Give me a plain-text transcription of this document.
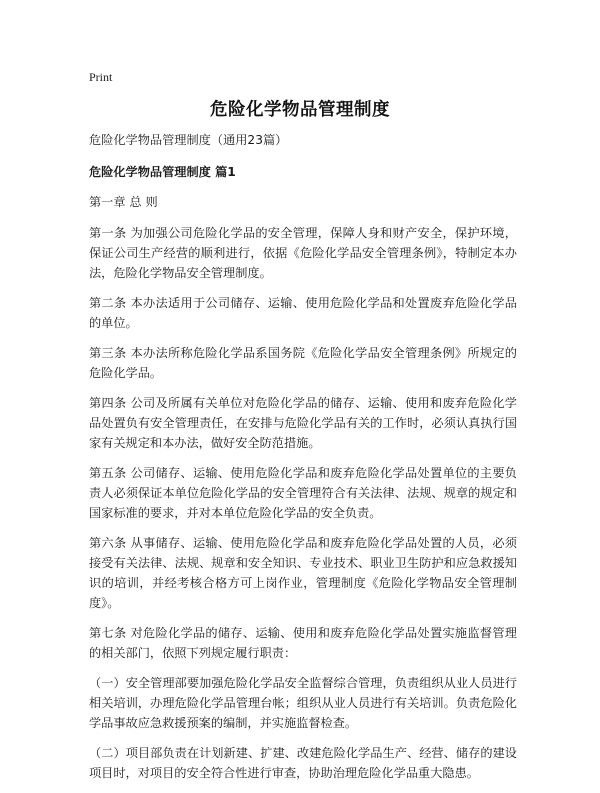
Print
危险化学物品管理制度

危险化学物品管理制度（通用23篇）

危险化学物品管理制度 篇1

第一章 总 则

第一条 为加强公司危险化学品的安全管理，保障人身和财产安全，保护环境，保证公司生产经营的顺利进行，依据《危险化学品安全管理条例》，特制定本办法，危险化学物品安全管理制度。

第二条 本办法适用于公司储存、运输、使用危险化学品和处置废弃危险化学品的单位。

第三条 本办法所称危险化学品系国务院《危险化学品安全管理条例》所规定的危险化学品。

第四条 公司及所属有关单位对危险化学品的储存、运输、使用和废弃危险化学品处置负有安全管理责任，在安排与危险化学品有关的工作时，必须认真执行国家有关规定和本办法，做好安全防范措施。

第五条 公司储存、运输、使用危险化学品和废弃危险化学品处置单位的主要负责人必须保证本单位危险化学品的安全管理符合有关法律、法规、规章的规定和国家标准的要求，并对本单位危险化学品的安全负责。

第六条 从事储存、运输、使用危险化学品和废弃危险化学品处置的人员，必须接受有关法律、法规、规章和安全知识、专业技术、职业卫生防护和应急救援知识的培训，并经考核合格方可上岗作业，管理制度《危险化学物品安全管理制度》。

第七条 对危险化学品的储存、运输、使用和废弃危险化学品处置实施监督管理的相关部门，依照下列规定履行职责：

（一）安全管理部要加强危险化学品安全监督综合管理，负责组织从业人员进行相关培训，办理危险化学品管理台帐；组织从业人员进行有关培训。负责危险化学品事故应急救援预案的编制，并实施监督检查。

（二）项目部负责在计划新建、扩建、改建危险化学品生产、经营、储存的建设项目时，对项目的安全符合性进行审查，协助治理危险化学品重大隐患。
